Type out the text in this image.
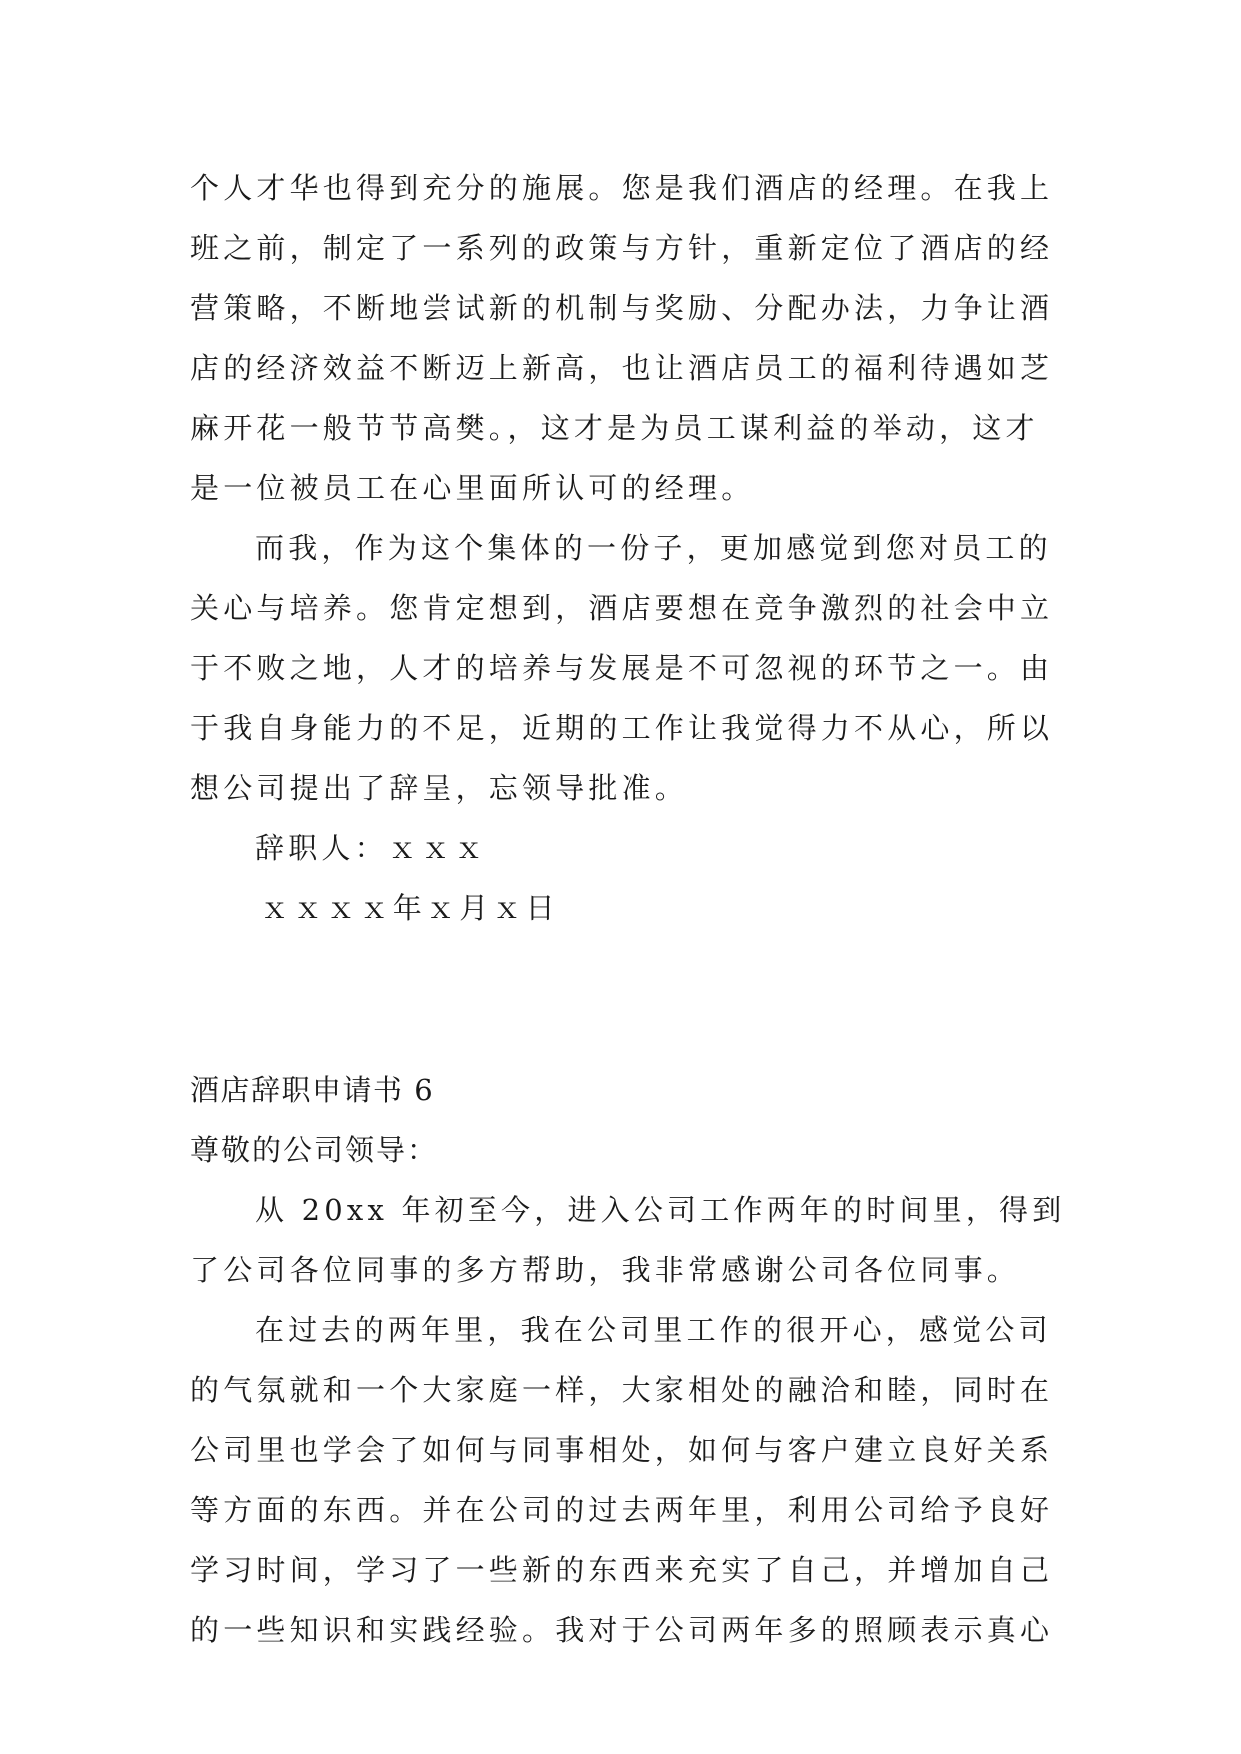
个人才华也得到充分的施展。您是我们酒店的经理。在我上
班之前，制定了一系列的政策与方针，重新定位了酒店的经
营策略，不断地尝试新的机制与奖励、分配办法，力争让酒
店的经济效益不断迈上新高，也让酒店员工的福利待遇如芝
麻开花一般节节高樊。，这才是为员工谋利益的举动，这才
是一位被员工在心里面所认可的经理。
而我，作为这个集体的一份子，更加感觉到您对员工的
关心与培养。您肯定想到，酒店要想在竞争激烈的社会中立
于不败之地，人才的培养与发展是不可忽视的环节之一。由
于我自身能力的不足，近期的工作让我觉得力不从心，所以
想公司提出了辞呈，忘领导批准。
辞职人：ｘｘｘ
ｘｘｘｘ年ｘ月ｘ日
酒店辞职申请书 6
尊敬的公司领导：
从 20xx 年初至今，进入公司工作两年的时间里，得到
了公司各位同事的多方帮助，我非常感谢公司各位同事。
在过去的两年里，我在公司里工作的很开心，感觉公司
的气氛就和一个大家庭一样，大家相处的融洽和睦，同时在
公司里也学会了如何与同事相处，如何与客户建立良好关系
等方面的东西。并在公司的过去两年里，利用公司给予良好
学习时间，学习了一些新的东西来充实了自己，并增加自己
的一些知识和实践经验。我对于公司两年多的照顾表示真心
